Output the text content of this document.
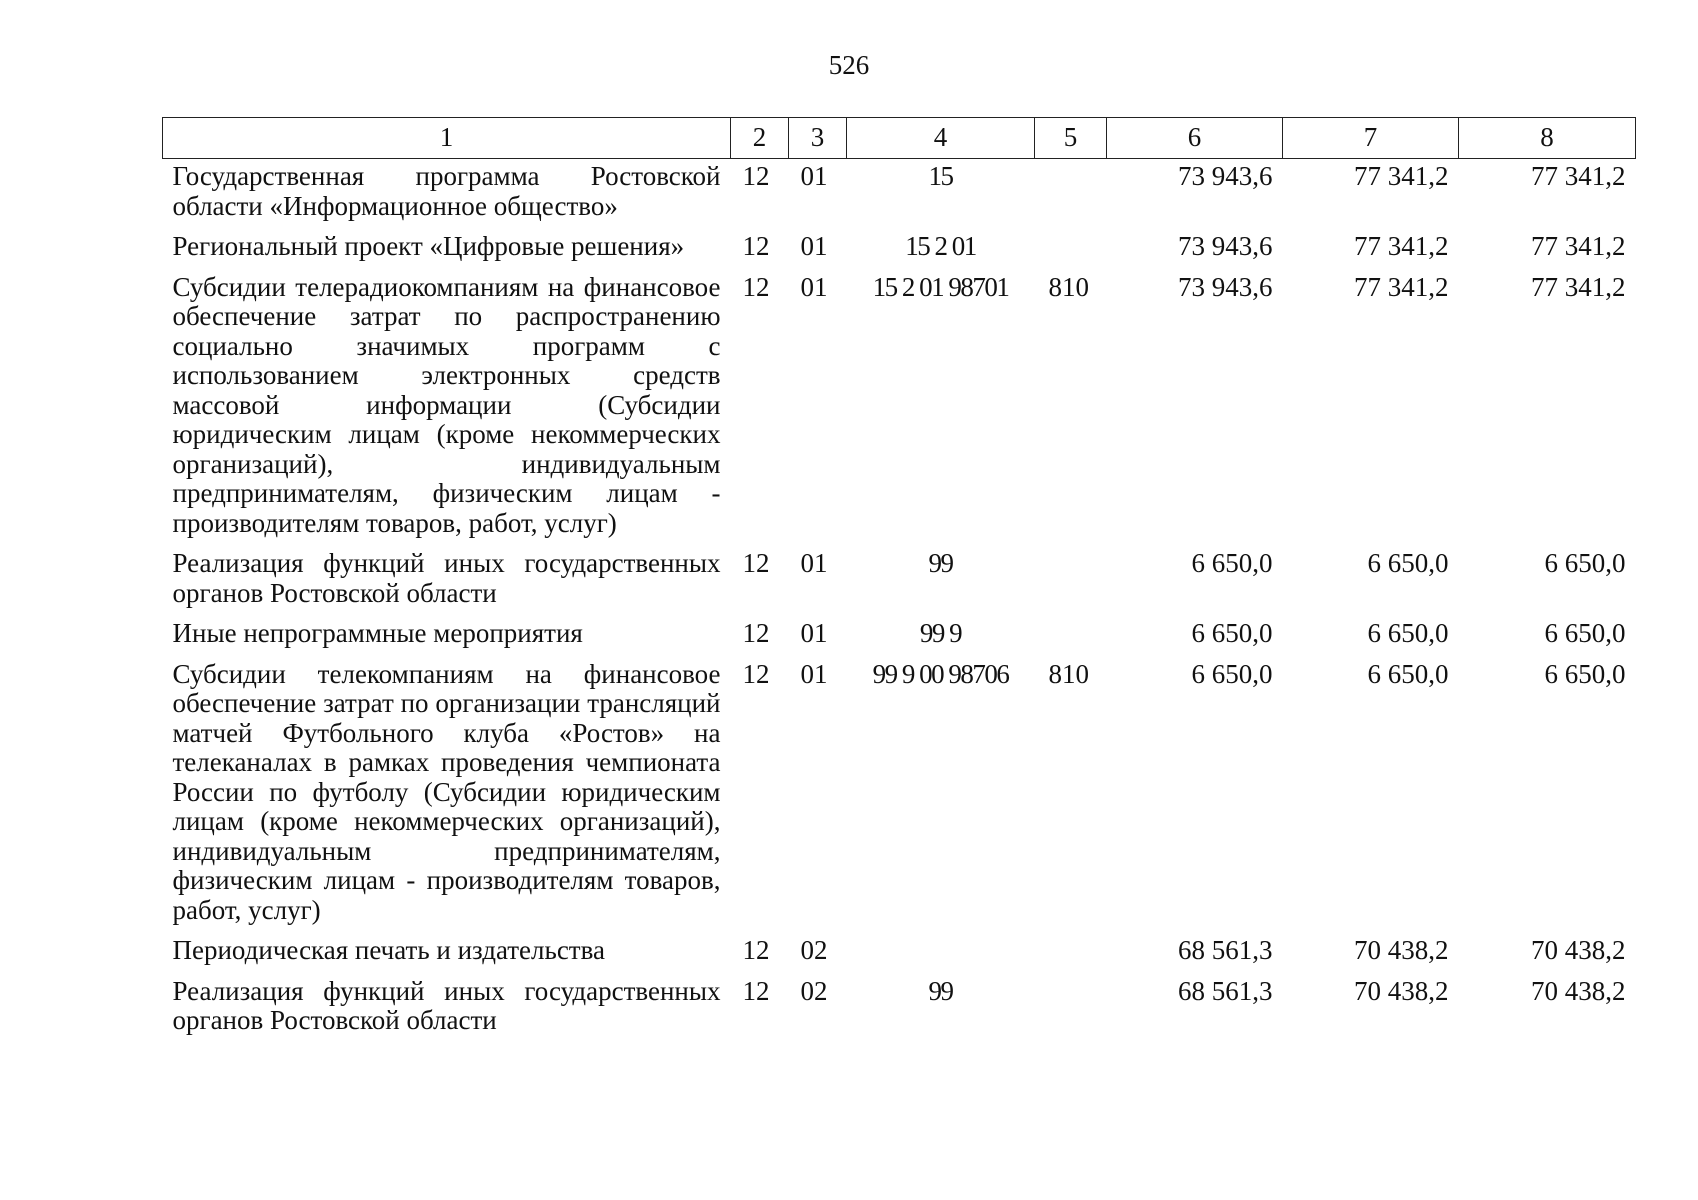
526
1	2	3	4	5	6	7	8
Государственная программа Ростовской области «Информационное общество»	12	01	15		73 943,6	77 341,2	77 341,2
Региональный проект «Цифровые решения»	12	01	15 2 01		73 943,6	77 341,2	77 341,2
Субсидии телерадиокомпаниям на финансовое обеспечение затрат по распространению социально значимых программ с использованием электронных средств массовой информации (Субсидии юридическим лицам (кроме некоммерческих организаций), индивидуальным предпринимателям, физическим лицам - производителям товаров, работ, услуг)	12	01	15 2 01 98701	810	73 943,6	77 341,2	77 341,2
Реализация функций иных государственных органов Ростовской области	12	01	99		6 650,0	6 650,0	6 650,0
Иные непрограммные мероприятия	12	01	99 9		6 650,0	6 650,0	6 650,0
Субсидии телекомпаниям на финансовое обеспечение затрат по организации трансляций матчей Футбольного клуба «Ростов» на телеканалах в рамках проведения чемпионата России по футболу (Субсидии юридическим лицам (кроме некоммерческих организаций), индивидуальным предпринимателям, физическим лицам - производителям товаров, работ, услуг)	12	01	99 9 00 98706	810	6 650,0	6 650,0	6 650,0
Периодическая печать и издательства	12	02			68 561,3	70 438,2	70 438,2
Реализация функций иных государственных органов Ростовской области	12	02	99		68 561,3	70 438,2	70 438,2
